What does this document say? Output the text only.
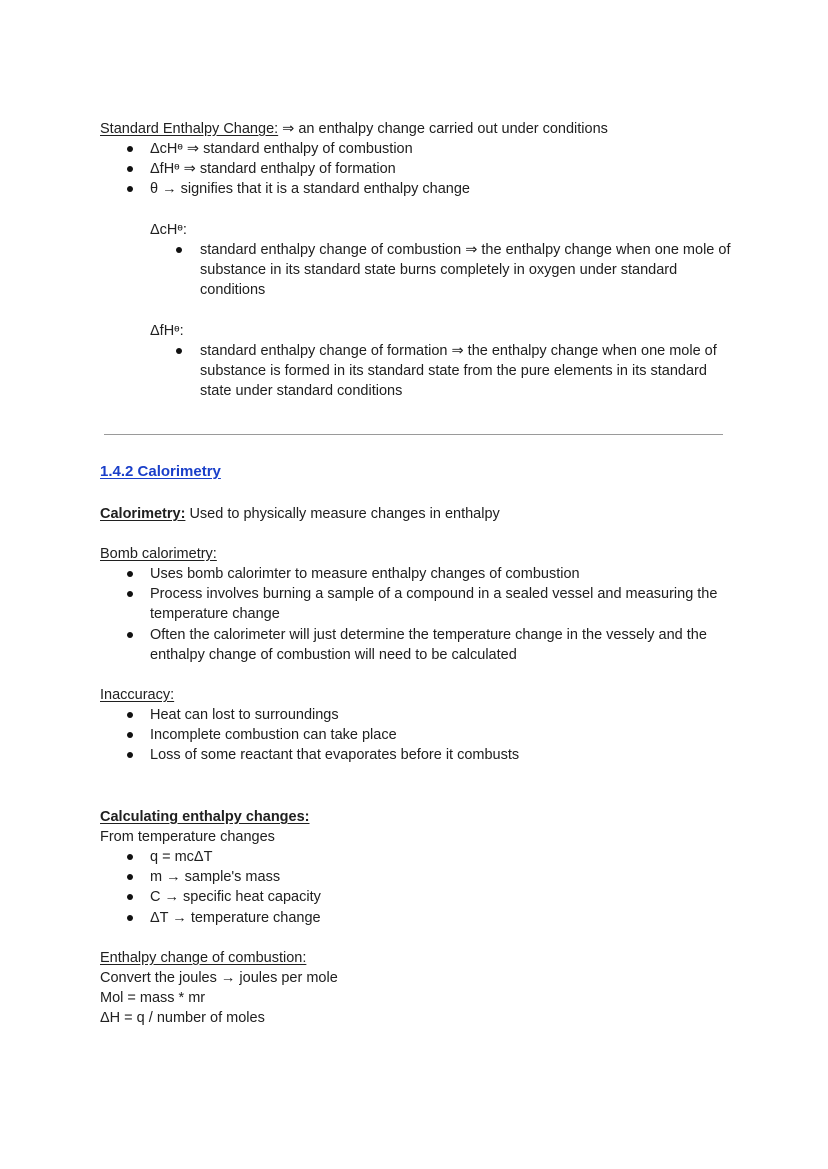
Standard Enthalpy Change: ⇒ an enthalpy change carried out under conditions
ΔcHᶱ ⇒ standard enthalpy of combustion
ΔfHᶱ ⇒ standard enthalpy of formation
θ → signifies that it is a standard enthalpy change
ΔcHᶱ:
standard enthalpy change of combustion ⇒ the enthalpy change when one mole of substance in its standard state burns completely in oxygen under standard conditions
ΔfHᶱ:
standard enthalpy change of formation ⇒ the enthalpy change when one mole of substance is formed in its standard state from the pure elements in its standard state under standard conditions
1.4.2 Calorimetry
Calorimetry: Used to physically measure changes in enthalpy
Bomb calorimetry:
Uses bomb calorimter to measure enthalpy changes of combustion
Process involves burning a sample of a compound in a sealed vessel and measuring the temperature change
Often the calorimeter will just determine the temperature change in the vessely and the enthalpy change of combustion will need to be calculated
Inaccuracy:
Heat can lost to surroundings
Incomplete combustion can take place
Loss of some reactant that evaporates before it combusts
Calculating enthalpy changes:
From temperature changes
q = mcΔT
m → sample's mass
C → specific heat capacity
ΔT → temperature change
Enthalpy change of combustion:
Convert the joules → joules per mole
Mol = mass * mr
ΔH = q / number of moles
